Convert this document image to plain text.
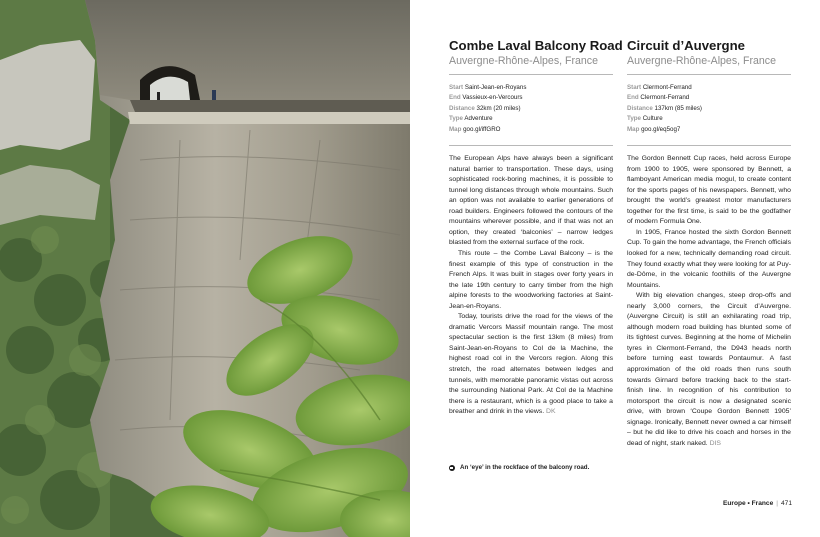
Combe Laval Balcony Road
Auvergne-Rhône-Alpes, France
Start Saint-Jean-en-Royans
End Vassieux-en-Vercours
Distance 32km (20 miles)
Type Adventure
Map goo.gl/iffGRO

The European Alps have always been a significant natural barrier to transportation. These days, using sophisticated rock-boring machines, it is possible to tunnel long distances through whole mountains. Such an option was not available to earlier generations of road builders. Engineers followed the contours of the mountains wherever possible, and if that was not an option, they created ‘balconies’ – narrow ledges blasted from the external surface of the rock.

This route – the Combe Laval Balcony – is the finest example of this type of construction in the French Alps. It was built in stages over forty years in the late 19th century to carry timber from the high alpine forests to the woodworking factories at Saint-Jean-en-Royans.

Today, tourists drive the road for the views of the dramatic Vercors Massif mountain range. The most spectacular section is the first 13km (8 miles) from Saint-Jean-en-Royans to Col de la Machine, the highest road col in the Vercors region. Along this stretch, the road alternates between ledges and tunnels, with memorable panoramic vistas out across the surrounding National Park. At Col de la Machine there is a restaurant, which is a good place to take a breather and drink in the views. DK

Circuit d’Auvergne
Auvergne-Rhône-Alpes, France
Start Clermont-Ferrand
End Clermont-Ferrand
Distance 137km (85 miles)
Type Culture
Map goo.gl/eq5og7

The Gordon Bennett Cup races, held across Europe from 1900 to 1905, were sponsored by Bennett, a flamboyant American media mogul, to create content for the sports pages of his newspapers. Bennett, who brought the world’s greatest motor manufacturers together for the first time, is said to be the godfather of modern Formula One.

In 1905, France hosted the sixth Gordon Bennett Cup. To gain the home advantage, the French officials looked for a new, technically demanding road circuit. They found exactly what they were looking for at Puy-de-Dôme, in the volcanic foothills of the Auvergne Mountains.

With big elevation changes, steep drop-offs and nearly 3,000 corners, the Circuit d’Auvergne. (Auvergne Circuit) is still an exhilarating road trip, although modern road building has blunted some of its tightest curves. Beginning at the home of Michelin tyres in Clermont-Ferrand, the D943 heads north before turning east towards Pontaumur. A fast approximation of the old roads then runs south towards Girnard before tracking back to the start-finish line. In recognition of his contribution to motorsport the circuit is now a designated scenic drive, with brown ‘Coupe Gordon Bennett 1905’ signage. Ironically, Bennett never owned a car himself – but he did like to drive his coach and horses in the dead of night, stark naked. DIS

An ‘eye’ in the rockface of the balcony road.
Europe • France | 471
